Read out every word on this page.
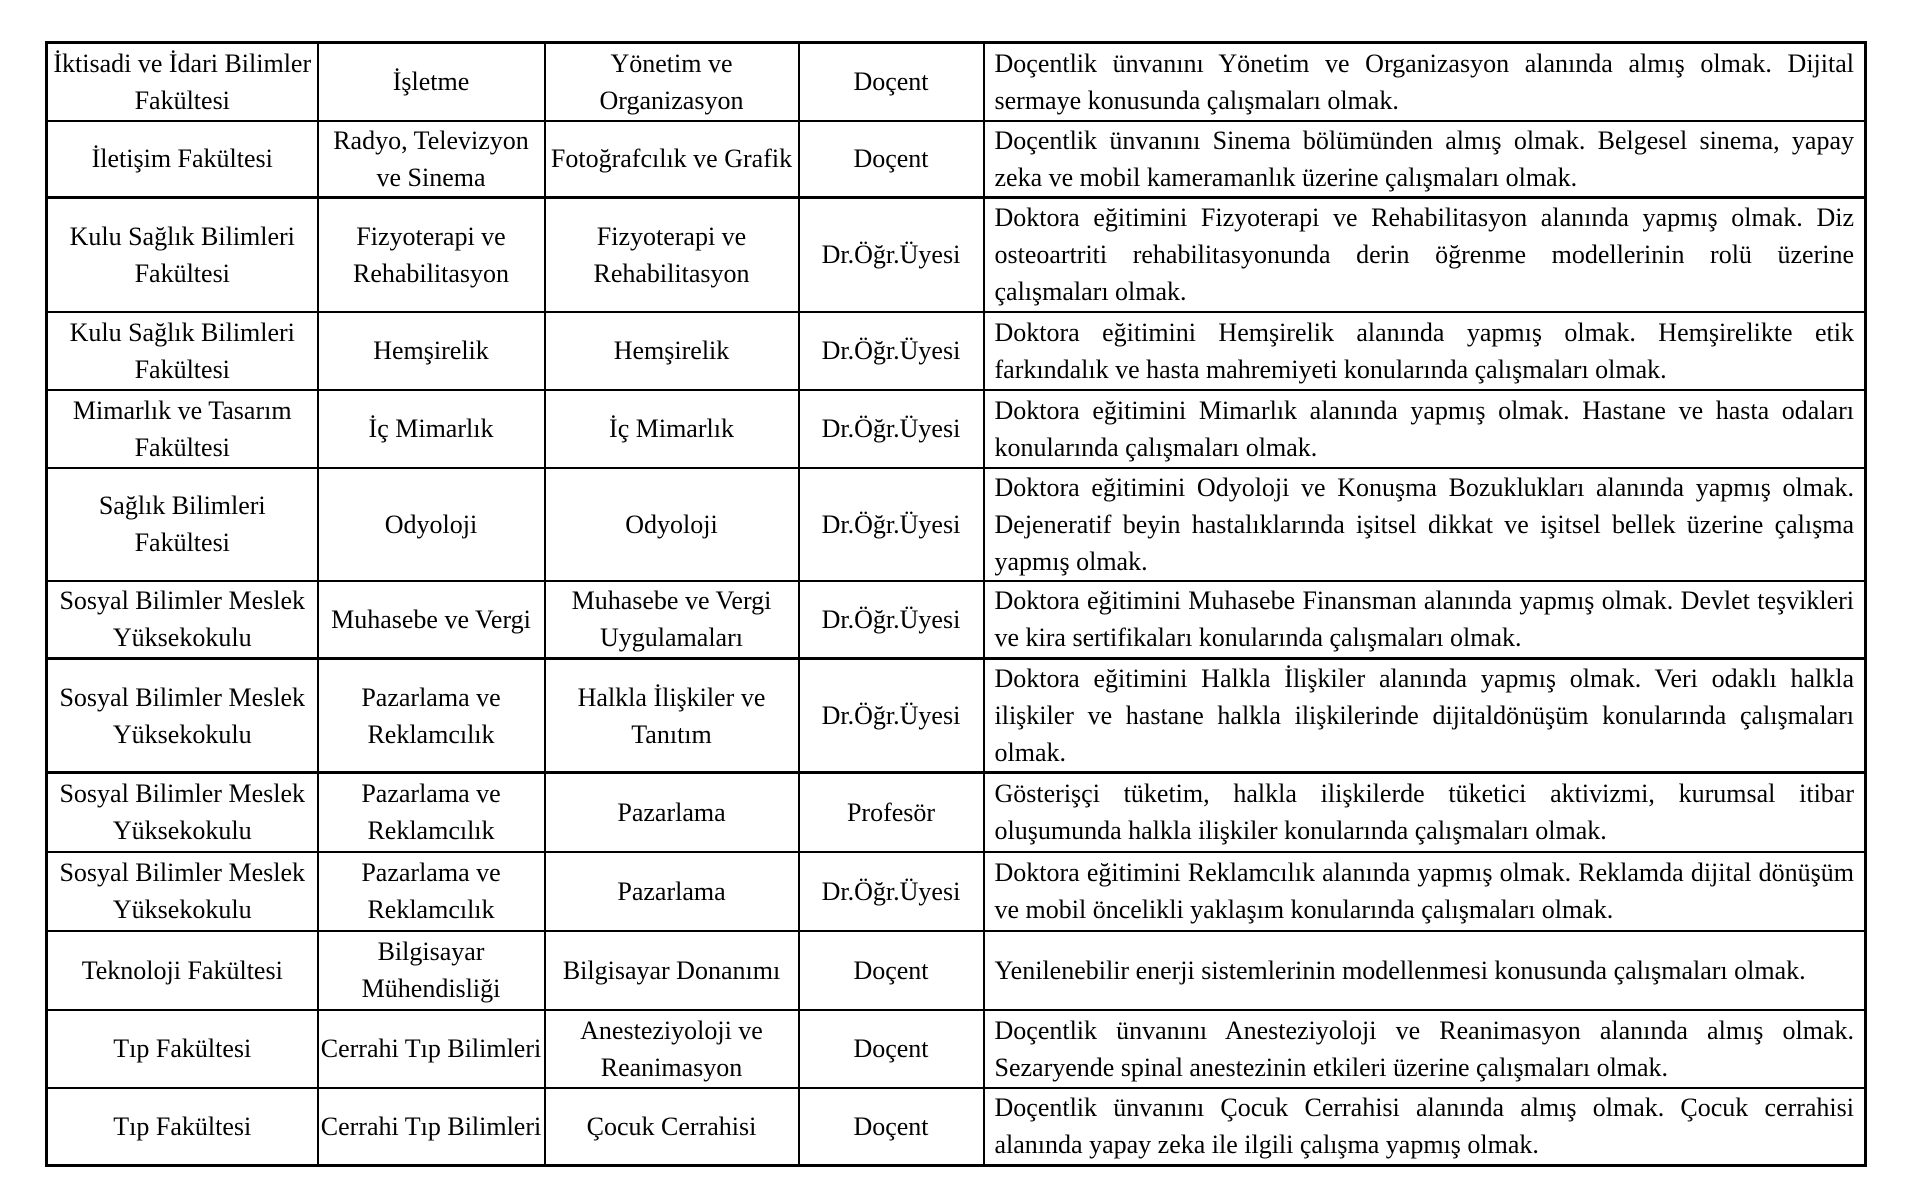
İktisadi ve İdari Bilimler Fakültesi	İşletme	Yönetim ve Organizasyon	Doçent	Doçentlik ünvanını Yönetim ve Organizasyon alanında almış olmak. Dijital sermaye konusunda çalışmaları olmak.
İletişim Fakültesi	Radyo, Televizyon ve Sinema	Fotoğrafcılık ve Grafik	Doçent	Doçentlik ünvanını Sinema bölümünden almış olmak. Belgesel sinema, yapay zeka ve mobil kameramanlık üzerine çalışmaları olmak.
Kulu Sağlık Bilimleri Fakültesi	Fizyoterapi ve Rehabilitasyon	Fizyoterapi ve Rehabilitasyon	Dr.Öğr.Üyesi	Doktora eğitimini Fizyoterapi ve Rehabilitasyon alanında yapmış olmak. Diz osteoartriti rehabilitasyonunda derin öğrenme modellerinin rolü üzerine çalışmaları olmak.
Kulu Sağlık Bilimleri Fakültesi	Hemşirelik	Hemşirelik	Dr.Öğr.Üyesi	Doktora eğitimini Hemşirelik alanında yapmış olmak. Hemşirelikte etik farkındalık ve hasta mahremiyeti konularında çalışmaları olmak.
Mimarlık ve Tasarım Fakültesi	İç Mimarlık	İç Mimarlık	Dr.Öğr.Üyesi	Doktora eğitimini Mimarlık alanında yapmış olmak. Hastane ve hasta odaları konularında çalışmaları olmak.
Sağlık Bilimleri Fakültesi	Odyoloji	Odyoloji	Dr.Öğr.Üyesi	Doktora eğitimini Odyoloji ve Konuşma Bozuklukları alanında yapmış olmak. Dejeneratif beyin hastalıklarında işitsel dikkat ve işitsel bellek üzerine çalışma yapmış olmak.
Sosyal Bilimler Meslek Yüksekokulu	Muhasebe ve Vergi	Muhasebe ve Vergi Uygulamaları	Dr.Öğr.Üyesi	Doktora eğitimini Muhasebe Finansman alanında yapmış olmak. Devlet teşvikleri ve kira sertifikaları konularında çalışmaları olmak.
Sosyal Bilimler Meslek Yüksekokulu	Pazarlama ve Reklamcılık	Halkla İlişkiler ve Tanıtım	Dr.Öğr.Üyesi	Doktora eğitimini Halkla İlişkiler alanında yapmış olmak. Veri odaklı halkla ilişkiler ve hastane halkla ilişkilerinde dijitaldönüşüm konularında çalışmaları olmak.
Sosyal Bilimler Meslek Yüksekokulu	Pazarlama ve Reklamcılık	Pazarlama	Profesör	Gösterişçi tüketim, halkla ilişkilerde tüketici aktivizmi, kurumsal itibar oluşumunda halkla ilişkiler konularında çalışmaları olmak.
Sosyal Bilimler Meslek Yüksekokulu	Pazarlama ve Reklamcılık	Pazarlama	Dr.Öğr.Üyesi	Doktora eğitimini Reklamcılık alanında yapmış olmak. Reklamda dijital dönüşüm ve mobil öncelikli yaklaşım konularında çalışmaları olmak.
Teknoloji Fakültesi	Bilgisayar Mühendisliği	Bilgisayar Donanımı	Doçent	Yenilenebilir enerji sistemlerinin modellenmesi konusunda çalışmaları olmak.
Tıp Fakültesi	Cerrahi Tıp Bilimleri	Anesteziyoloji ve Reanimasyon	Doçent	Doçentlik ünvanını Anesteziyoloji ve Reanimasyon alanında almış olmak. Sezaryende spinal anestezinin etkileri üzerine çalışmaları olmak.
Tıp Fakültesi	Cerrahi Tıp Bilimleri	Çocuk Cerrahisi	Doçent	Doçentlik ünvanını Çocuk Cerrahisi alanında almış olmak. Çocuk cerrahisi alanında yapay zeka ile ilgili çalışma yapmış olmak.
